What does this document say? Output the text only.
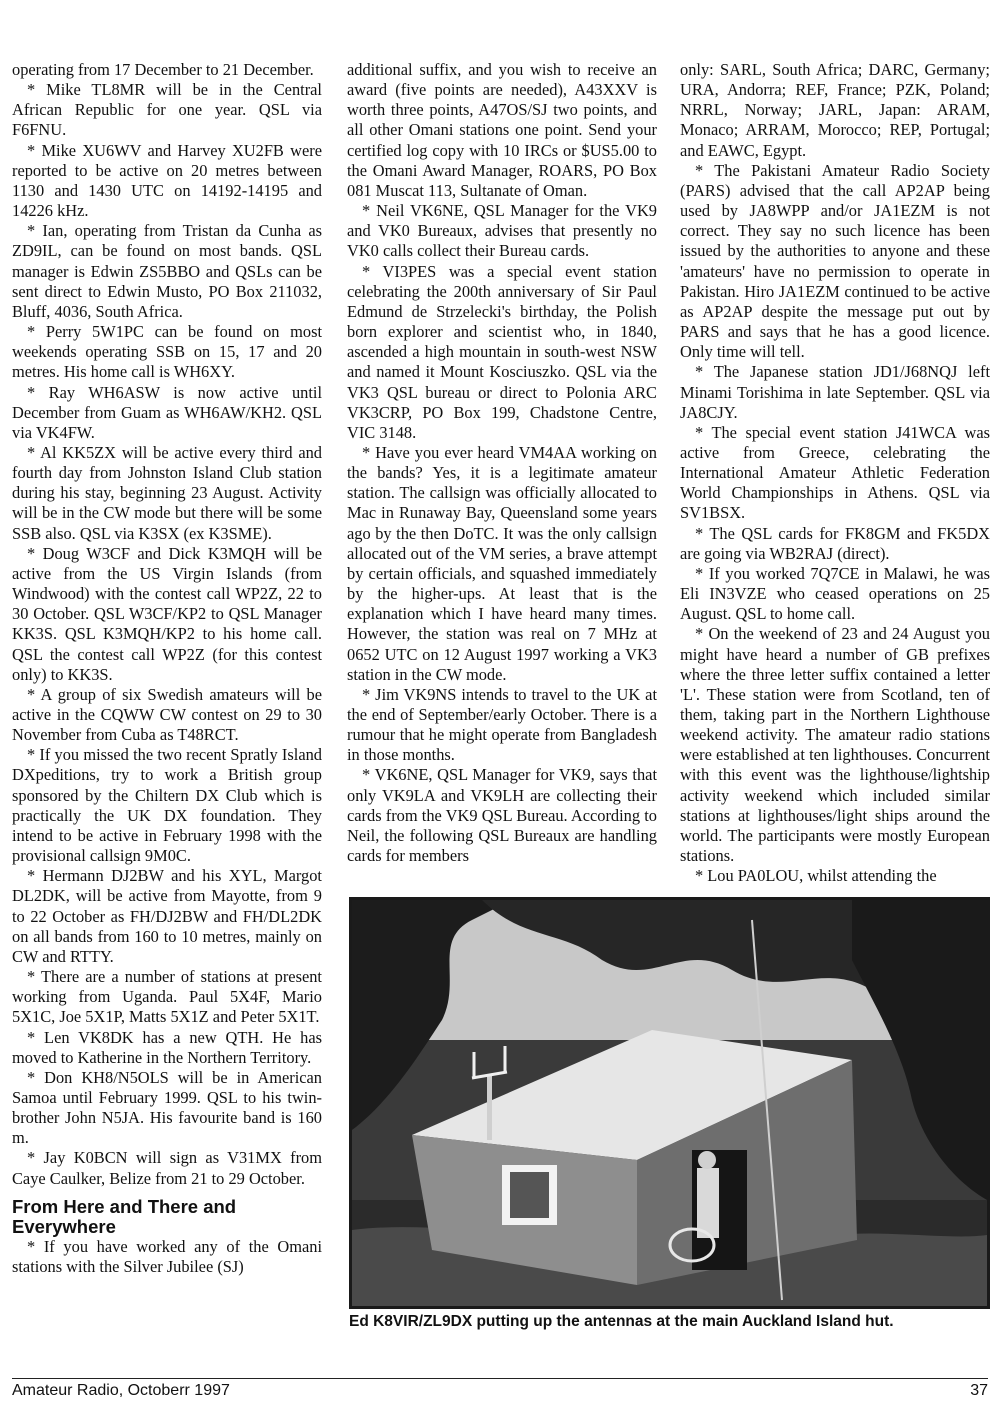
operating from 17 December to 21 December.

* Mike TL8MR will be in the Central African Republic for one year. QSL via F6FNU.

* Mike XU6WV and Harvey XU2FB were reported to be active on 20 metres between 1130 and 1430 UTC on 14192-14195 and 14226 kHz.

* Ian, operating from Tristan da Cunha as ZD9IL, can be found on most bands. QSL manager is Edwin ZS5BBO and QSLs can be sent direct to Edwin Musto, PO Box 211032, Bluff, 4036, South Africa.

* Perry 5W1PC can be found on most weekends operating SSB on 15, 17 and 20 metres. His home call is WH6XY.

* Ray WH6ASW is now active until December from Guam as WH6AW/KH2. QSL via VK4FW.

* Al KK5ZX will be active every third and fourth day from Johnston Island Club station during his stay, beginning 23 August. Activity will be in the CW mode but there will be some SSB also. QSL via K3SX (ex K3SME).

* Doug W3CF and Dick K3MQH will be active from the US Virgin Islands (from Windwood) with the contest call WP2Z, 22 to 30 October. QSL W3CF/KP2 to QSL Manager KK3S. QSL K3MQH/KP2 to his home call. QSL the contest call WP2Z (for this contest only) to KK3S.

* A group of six Swedish amateurs will be active in the CQWW CW contest on 29 to 30 November from Cuba as T48RCT.

* If you missed the two recent Spratly Island DXpeditions, try to work a British group sponsored by the Chiltern DX Club which is practically the UK DX foundation. They intend to be active in February 1998 with the provisional callsign 9M0C.

* Hermann DJ2BW and his XYL, Margot DL2DK, will be active from Mayotte, from 9 to 22 October as FH/DJ2BW and FH/DL2DK on all bands from 160 to 10 metres, mainly on CW and RTTY.

* There are a number of stations at present working from Uganda. Paul 5X4F, Mario 5X1C, Joe 5X1P, Matts 5X1Z and Peter 5X1T.

* Len VK8DK has a new QTH. He has moved to Katherine in the Northern Territory.

* Don KH8/N5OLS will be in American Samoa until February 1999. QSL to his twin-brother John N5JA. His favourite band is 160 m.

* Jay K0BCN will sign as V31MX from Caye Caulker, Belize from 21 to 29 October.

From Here and There and Everywhere

* If you have worked any of the Omani stations with the Silver Jubilee (SJ)

additional suffix, and you wish to receive an award (five points are needed), A43XXV is worth three points, A47OS/SJ two points, and all other Omani stations one point. Send your certified log copy with 10 IRCs or $US5.00 to the Omani Award Manager, ROARS, PO Box 081 Muscat 113, Sultanate of Oman.

* Neil VK6NE, QSL Manager for the VK9 and VK0 Bureaux, advises that presently no VK0 calls collect their Bureau cards.

* VI3PES was a special event station celebrating the 200th anniversary of Sir Paul Edmund de Strzelecki's birthday, the Polish born explorer and scientist who, in 1840, ascended a high mountain in south-west NSW and named it Mount Kosciuszko. QSL via the VK3 QSL bureau or direct to Polonia ARC VK3CRP, PO Box 199, Chadstone Centre, VIC 3148.

* Have you ever heard VM4AA working on the bands? Yes, it is a legitimate amateur station. The callsign was officially allocated to Mac in Runaway Bay, Queensland some years ago by the then DoTC. It was the only callsign allocated out of the VM series, a brave attempt by certain officials, and squashed immediately by the higher-ups. At least that is the explanation which I have heard many times. However, the station was real on 7 MHz at 0652 UTC on 12 August 1997 working a VK3 station in the CW mode.

* Jim VK9NS intends to travel to the UK at the end of September/early October. There is a rumour that he might operate from Bangladesh in those months.

* VK6NE, QSL Manager for VK9, says that only VK9LA and VK9LH are collecting their cards from the VK9 QSL Bureau. According to Neil, the following QSL Bureaux are handling cards for members

only: SARL, South Africa; DARC, Germany; URA, Andorra; REF, France; PZK, Poland; NRRL, Norway; JARL, Japan: ARAM, Monaco; ARRAM, Morocco; REP, Portugal; and EAWC, Egypt.

* The Pakistani Amateur Radio Society (PARS) advised that the call AP2AP being used by JA8WPP and/or JA1EZM is not correct. They say no such licence has been issued by the authorities to anyone and these 'amateurs' have no permission to operate in Pakistan. Hiro JA1EZM continued to be active as AP2AP despite the message put out by PARS and says that he has a good licence. Only time will tell.

* The Japanese station JD1/J68NQJ left Minami Torishima in late September. QSL via JA8CJY.

* The special event station J41WCA was active from Greece, celebrating the International Amateur Athletic Federation World Championships in Athens. QSL via SV1BSX.

* The QSL cards for FK8GM and FK5DX are going via WB2RAJ (direct).

* If you worked 7Q7CE in Malawi, he was Eli IN3VZE who ceased operations on 25 August. QSL to home call.

* On the weekend of 23 and 24 August you might have heard a number of GB prefixes where the three letter suffix contained a letter 'L'. These station were from Scotland, ten of them, taking part in the Northern Lighthouse weekend activity. The amateur radio stations were established at ten lighthouses. Concurrent with this event was the lighthouse/lightship activity weekend which included similar stations at lighthouses/light ships around the world. The participants were mostly European stations.

* Lou PA0LOU, whilst attending the

Ed K8VIR/ZL9DX putting up the antennas at the main Auckland Island hut.
Amateur Radio, Octoberr 1997	37
